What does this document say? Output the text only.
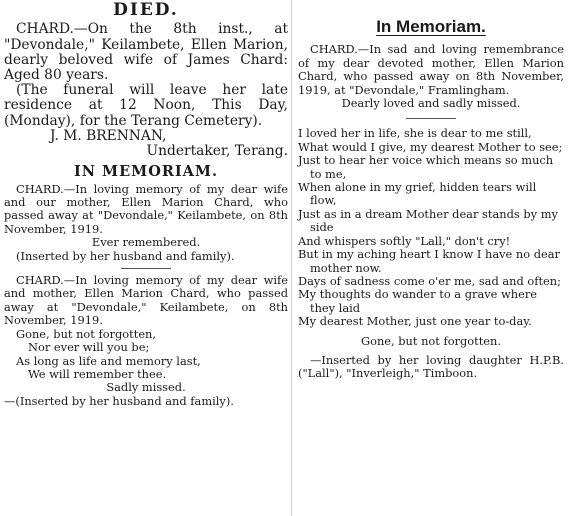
DIED.

CHARD.—On the 8th inst., at "Devondale," Keilambete, Ellen Marion, dearly beloved wife of James Chard: Aged 80 years.

(The funeral will leave her late residence at 12 Noon, This Day, (Monday), for the Terang Cemetery).

J. M. BRENNAN,

Undertaker, Terang.

IN MEMORIAM.

CHARD.—In loving memory of my dear wife and our mother, Ellen Marion Chard, who passed away at "Devondale," Keilambete, on 8th November, 1919.

Ever remembered.

(Inserted by her husband and family).

CHARD.—In loving memory of my dear wife and mother, Ellen Marion Chard, who passed away at "Devondale," Keilambete, on 8th November, 1919.

Gone, but not forgotten,

Nor ever will you be;

As long as life and memory last,

We will remember thee.

Sadly missed.

—(Inserted by her husband and family).

In Memoriam.

CHARD.—In sad and loving remembrance of my dear devoted mother, Ellen Marion Chard, who passed away on 8th November, 1919, at "Devondale," Framlingham.

Dearly loved and sadly missed.

I loved her in life, she is dear to me still,

What would I give, my dearest Mother to see;

Just to hear her voice which means so much to me,

When alone in my grief, hidden tears will flow,

Just as in a dream Mother dear stands by my side

And whispers softly "Lall," don't cry!

But in my aching heart I know I have no dear mother now.

Days of sadness come o'er me, sad and often;

My thoughts do wander to a grave where they laid

My dearest Mother, just one year to-day.

Gone, but not forgotten.

—Inserted by her loving daughter H.P.B. ("Lall"), "Inverleigh," Timboon.
